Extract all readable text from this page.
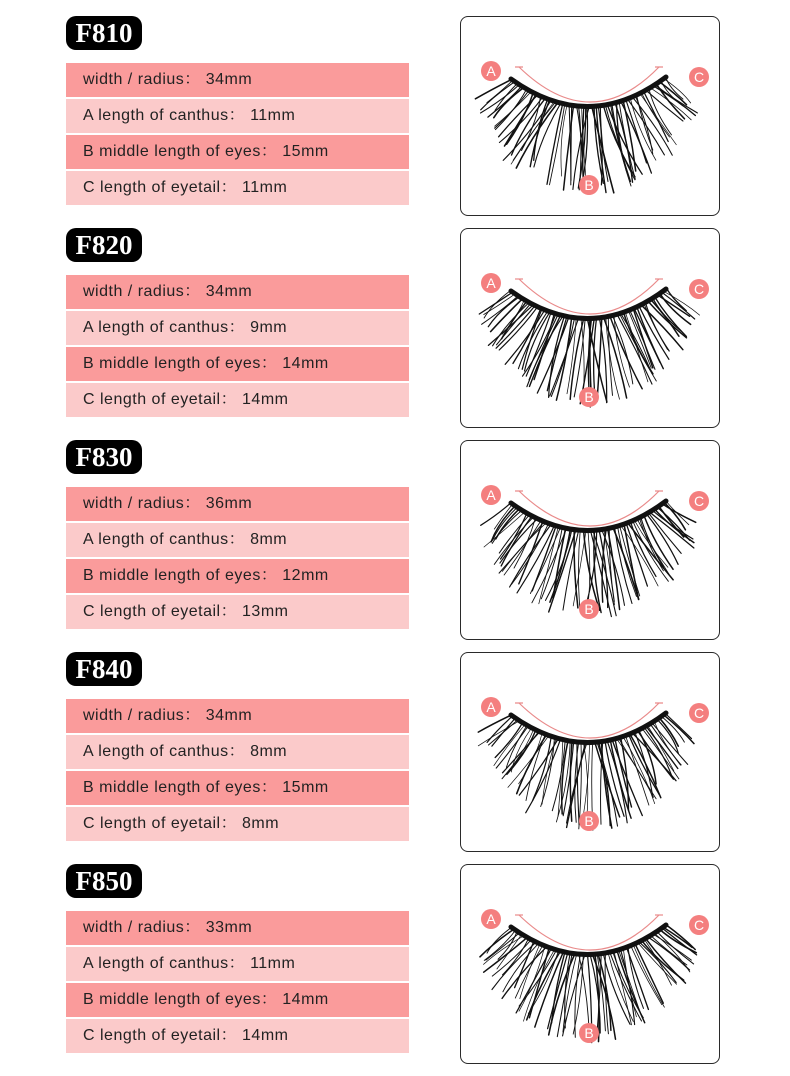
F810
width / radius： 34mm
A length of canthus： 11mm
B middle length of eyes： 15mm
C length of eyetail： 11mm
A
B
C
F820
width / radius： 34mm
A length of canthus： 9mm
B middle length of eyes： 14mm
C length of eyetail： 14mm
A
B
C
F830
width / radius： 36mm
A length of canthus： 8mm
B middle length of eyes： 12mm
C length of eyetail： 13mm
A
B
C
F840
width / radius： 34mm
A length of canthus： 8mm
B middle length of eyes： 15mm
C length of eyetail： 8mm
A
B
C
F850
width / radius： 33mm
A length of canthus： 11mm
B middle length of eyes： 14mm
C length of eyetail： 14mm
A
B
C
